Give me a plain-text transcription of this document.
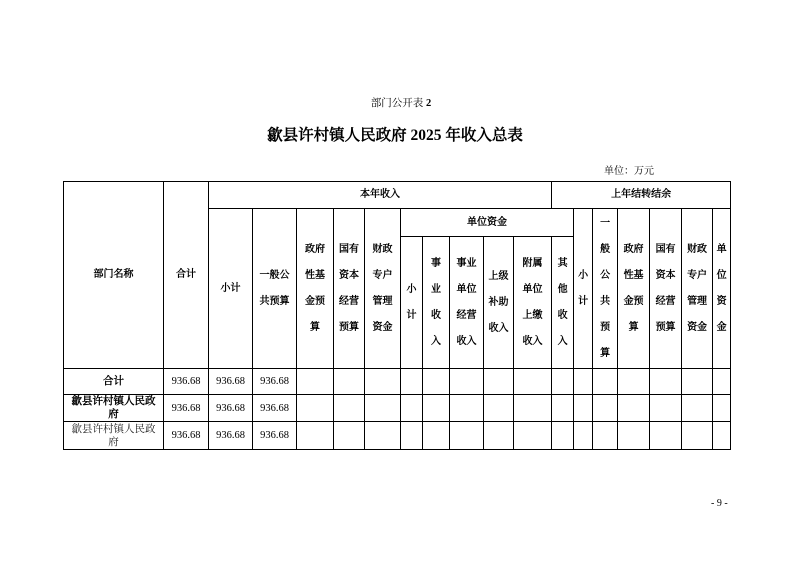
部门公开表 2
歙县许村镇人民政府 2025 年收入总表
单位：万元
部门名称	合计	本年收入										上年结转结余						
		小计	一般公共预算	政府性基金预算	国有资本经营预算	财政专户管理资金	单位资金						小计	一般公共预算	政府性基金预算	国有资本经营预算	财政专户管理资金	单位资金
							小计	事业收入	事业单位经营收入	上级补助收入	附属单位上缴收入	其他收入						
合计	936.68	936.68	936.68															
歙县许村镇人民政府	936.68	936.68	936.68															
歙县许村镇人民政府	936.68	936.68	936.68															
- 9 -
